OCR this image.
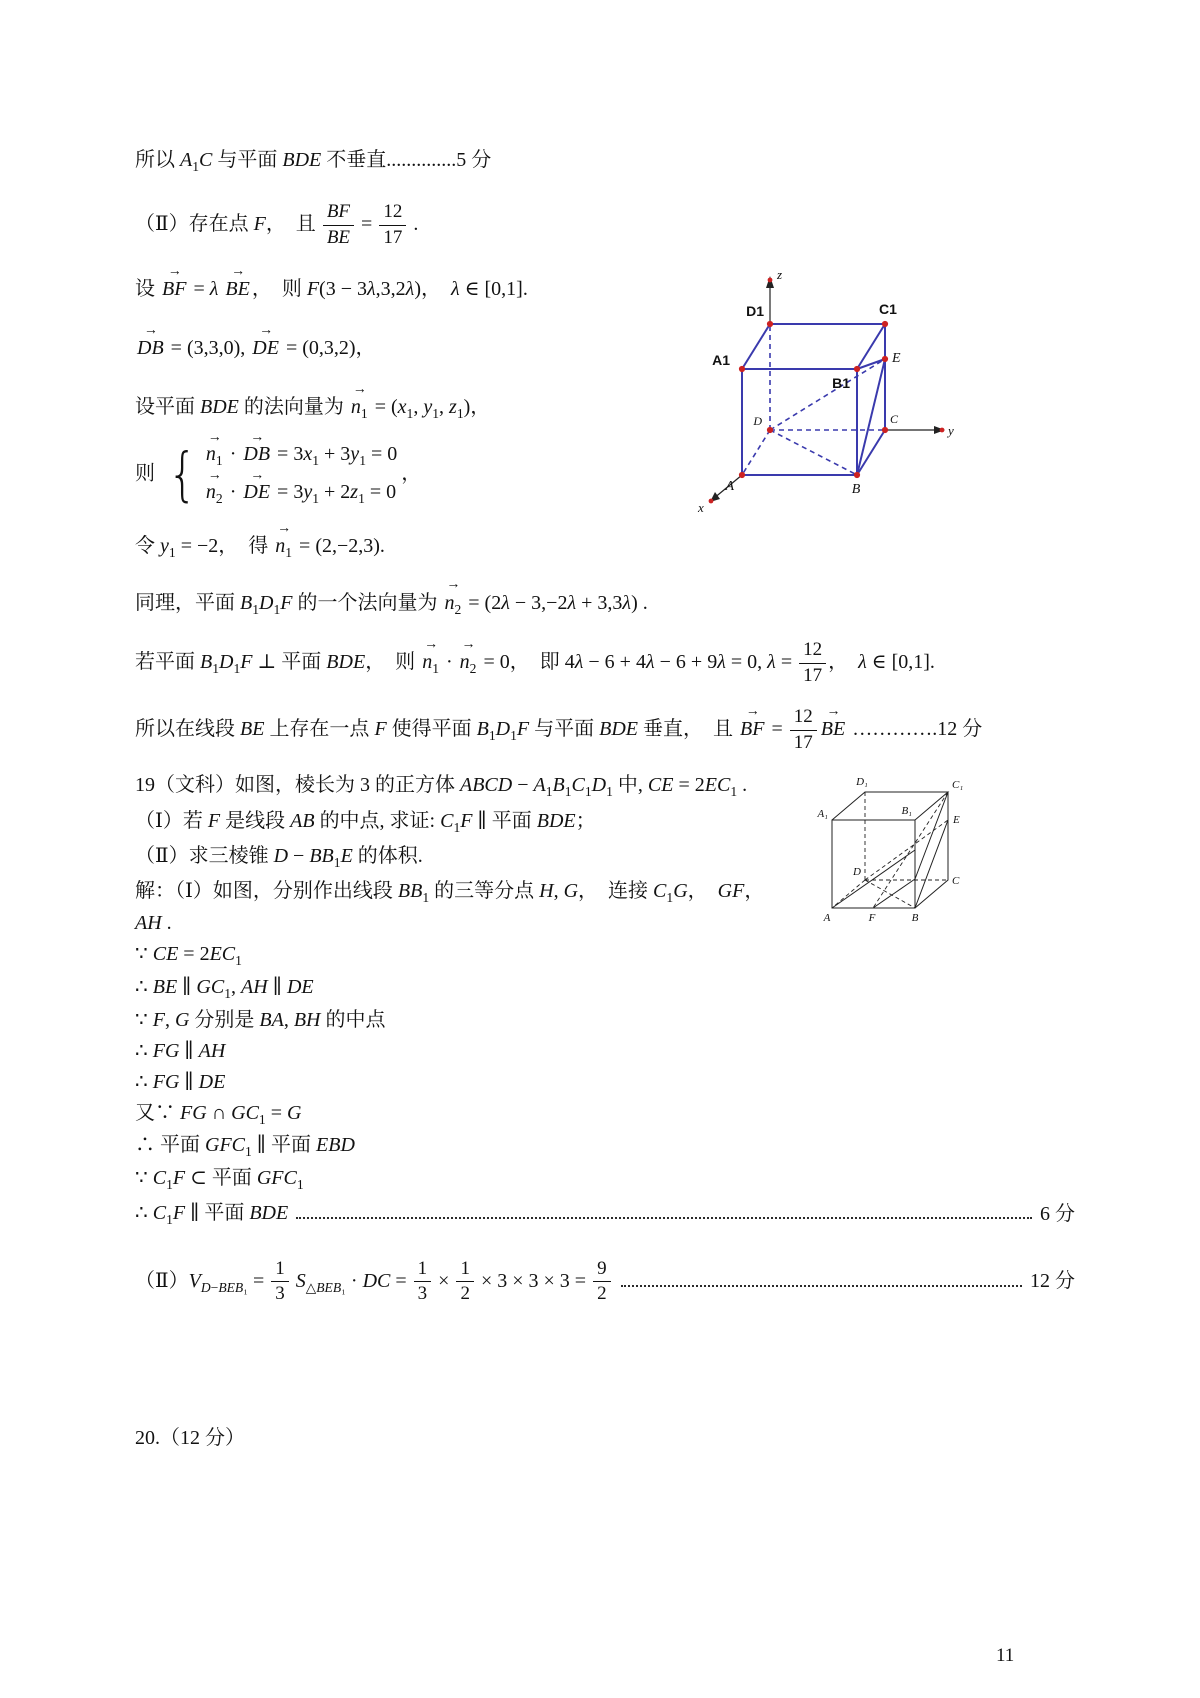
所以 $A_1C$ 与平面 BDE 不垂直..............5 分

（Ⅱ）存在点 F，　且 $\frac{BF}{BE} = \frac{12}{17}$ .

设 BF → = λ BE → ，　则 F(3 − 3λ,3,2λ)，　λ ∈ [0,1].

DB → = (3,3,0), DE → = (0,3,2)，

设平面 BDE 的法向量为 $n_1$ → = ($x_1$, $y_1$, $z_1$)，

则 { $n_1$ → · DB → = $3x_1 + 3y_1 = 0$
$n_2$ → · DE → = $3y_1 + 2z_1 = 0$
，

令 $y_1 = -2$，　得 $n_1$ → = (2,−2,3).

同理，平面 $B_1D_1F$ 的一个法向量为 $n_2$ → = (2λ − 3,−2λ + 3,3λ) .

若平面 $B_1D_1F$ ⊥ 平面 BDE，　则 $n_1$ → · $n_2$ → = 0，　即 4λ − 6 + 4λ − 6 + 9λ = 0, $\lambda = \frac{12}{17}$ ，　λ ∈ [0,1].

所以在线段 BE 上存在一点 F 使得平面 $B_1D_1F$ 与平面 BDE 垂直，　且 BF → = $\frac{12}{17}$ BE → ………….12 分

19（文科）如图，棱长为 3 的正方体 ABCD − $A_1B_1C_1D_1$ 中, CE = $2EC_1$ .

（Ⅰ）若 F 是线段 AB 的中点, 求证: $C_1F$ ∥ 平面 BDE；

（Ⅱ）求三棱锥 $D - BB_1E$ 的体积.

解：（Ⅰ）如图，分别作出线段 $BB_1$ 的三等分点 H, G，　连接 $C_1G$，　GF，

AH .

∵ CE = $2EC_1$

∴ BE ∥ $GC_1$, AH ∥ DE

∵ F, G 分别是 BA, BH 的中点

∴ FG ∥ AH

∴ FG ∥ DE

又∵ FG ∩ $GC_1 = G$

∴ 平面 $GFC_1$ ∥ 平面 EBD

∵ $C_1F$ ⊂ 平面 $GFC_1$

∴ $C_1F$ ∥ 平面 BDE	6 分

$(Ⅱ)V_{D-BEB_1} = \frac{1}{3} S_{\triangle BEB_1}$ · DC = $\frac{1}{3} \times \frac{1}{2} \times 3 \times 3 \times 3 = \frac{9}{2}$	12 分

20.（12 分）

D1	C1
A1
B1
E
D	C
A	B
z
y
x
D₁	C₁
A₁	B₁
E
D
C
A	F	B
11
